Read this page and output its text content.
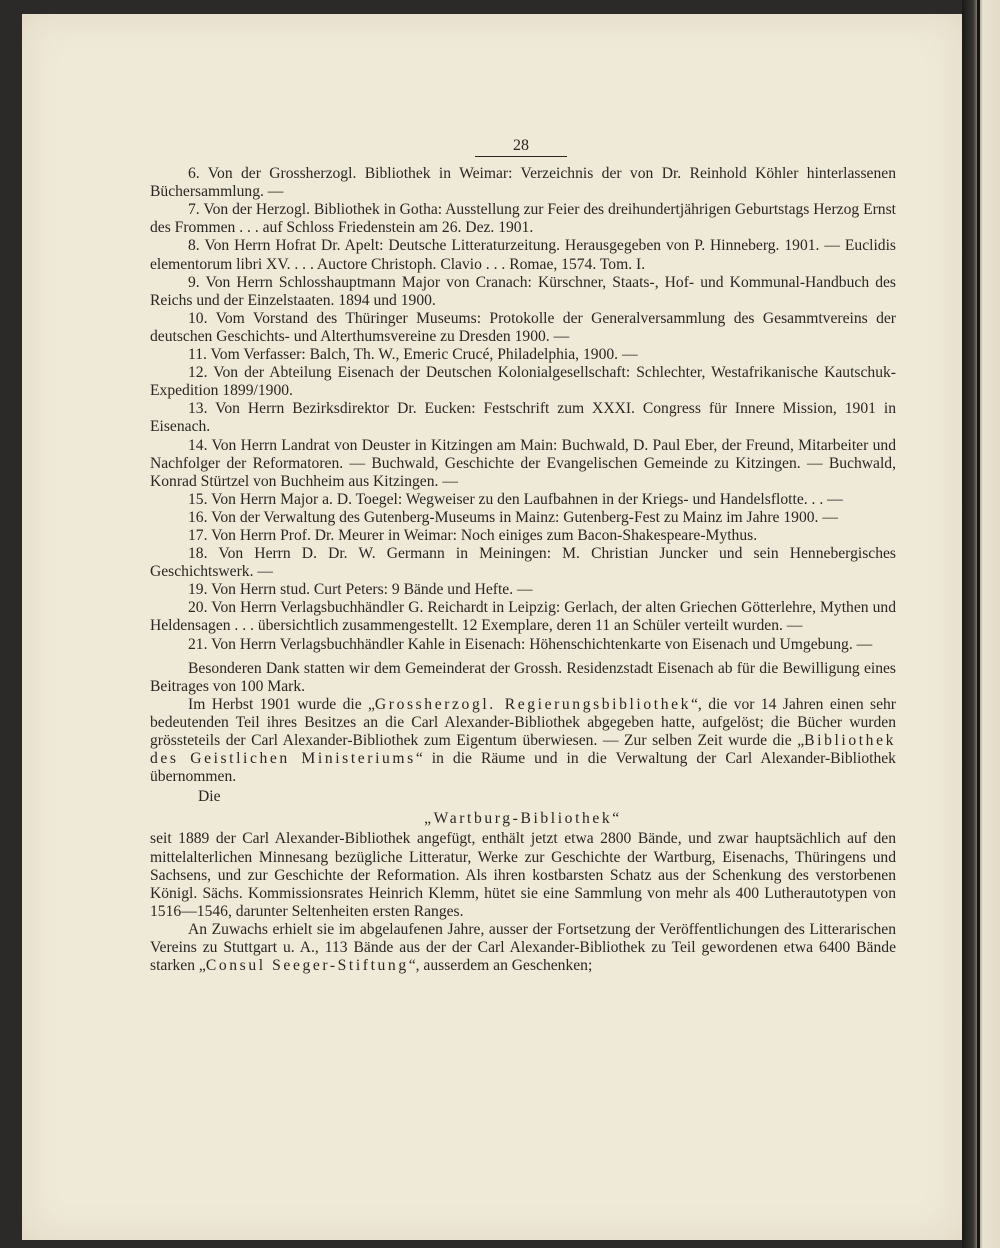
28

6. Von der Grossherzogl. Bibliothek in Weimar: Verzeichnis der von Dr. Reinhold Köhler hinterlassenen Büchersammlung. —

7. Von der Herzogl. Bibliothek in Gotha: Ausstellung zur Feier des dreihundertjährigen Geburtstags Herzog Ernst des Frommen . . . auf Schloss Friedenstein am 26. Dez. 1901.

8. Von Herrn Hofrat Dr. Apelt: Deutsche Litteraturzeitung. Herausgegeben von P. Hinneberg. 1901. — Euclidis elementorum libri XV. . . . Auctore Christoph. Clavio . . . Romae, 1574. Tom. I.

9. Von Herrn Schlosshauptmann Major von Cranach: Kürschner, Staats-, Hof- und Kommunal-Handbuch des Reichs und der Einzelstaaten. 1894 und 1900.

10. Vom Vorstand des Thüringer Museums: Protokolle der Generalversammlung des Gesammtvereins der deutschen Geschichts- und Alterthumsvereine zu Dresden 1900. —

11. Vom Verfasser: Balch, Th. W., Emeric Crucé, Philadelphia, 1900. —

12. Von der Abteilung Eisenach der Deutschen Kolonialgesellschaft: Schlechter, Westafrikanische Kautschuk-Expedition 1899/1900.

13. Von Herrn Bezirksdirektor Dr. Eucken: Festschrift zum XXXI. Congress für Innere Mission, 1901 in Eisenach.

14. Von Herrn Landrat von Deuster in Kitzingen am Main: Buchwald, D. Paul Eber, der Freund, Mitarbeiter und Nachfolger der Reformatoren. — Buchwald, Geschichte der Evangelischen Gemeinde zu Kitzingen. — Buchwald, Konrad Stürtzel von Buchheim aus Kitzingen. —

15. Von Herrn Major a. D. Toegel: Wegweiser zu den Laufbahnen in der Kriegs- und Handelsflotte. . . —

16. Von der Verwaltung des Gutenberg-Museums in Mainz: Gutenberg-Fest zu Mainz im Jahre 1900. —

17. Von Herrn Prof. Dr. Meurer in Weimar: Noch einiges zum Bacon-Shakespeare-Mythus.

18. Von Herrn D. Dr. W. Germann in Meiningen: M. Christian Juncker und sein Hennebergisches Geschichtswerk. —

19. Von Herrn stud. Curt Peters: 9 Bände und Hefte. —

20. Von Herrn Verlagsbuchhändler G. Reichardt in Leipzig: Gerlach, der alten Griechen Götterlehre, Mythen und Heldensagen . . . übersichtlich zusammengestellt. 12 Exemplare, deren 11 an Schüler verteilt wurden. —

21. Von Herrn Verlagsbuchhändler Kahle in Eisenach: Höhenschichtenkarte von Eisenach und Umgebung. —

Besonderen Dank statten wir dem Gemeinderat der Grossh. Residenzstadt Eisenach ab für die Bewilligung eines Beitrages von 100 Mark.

Im Herbst 1901 wurde die „Grossherzogl. Regierungsbibliothek“, die vor 14 Jahren einen sehr bedeutenden Teil ihres Besitzes an die Carl Alexander-Bibliothek abgegeben hatte, aufgelöst; die Bücher wurden grössteteils der Carl Alexander-Bibliothek zum Eigentum überwiesen. — Zur selben Zeit wurde die „Bibliothek des Geistlichen Ministeriums“ in die Räume und in die Verwaltung der Carl Alexander-Bibliothek übernommen.

Die

„Wartburg-Bibliothek“

seit 1889 der Carl Alexander-Bibliothek angefügt, enthält jetzt etwa 2800 Bände, und zwar hauptsächlich auf den mittelalterlichen Minnesang bezügliche Litteratur, Werke zur Geschichte der Wartburg, Eisenachs, Thüringens und Sachsens, und zur Geschichte der Reformation. Als ihren kostbarsten Schatz aus der Schenkung des verstorbenen Königl. Sächs. Kommissionsrates Heinrich Klemm, hütet sie eine Sammlung von mehr als 400 Lutherautotypen von 1516—1546, darunter Seltenheiten ersten Ranges.

An Zuwachs erhielt sie im abgelaufenen Jahre, ausser der Fortsetzung der Veröffentlichungen des Litterarischen Vereins zu Stuttgart u. A., 113 Bände aus der der Carl Alexander-Bibliothek zu Teil gewordenen etwa 6400 Bände starken „Consul Seeger-Stiftung“, ausserdem an Geschenken;
